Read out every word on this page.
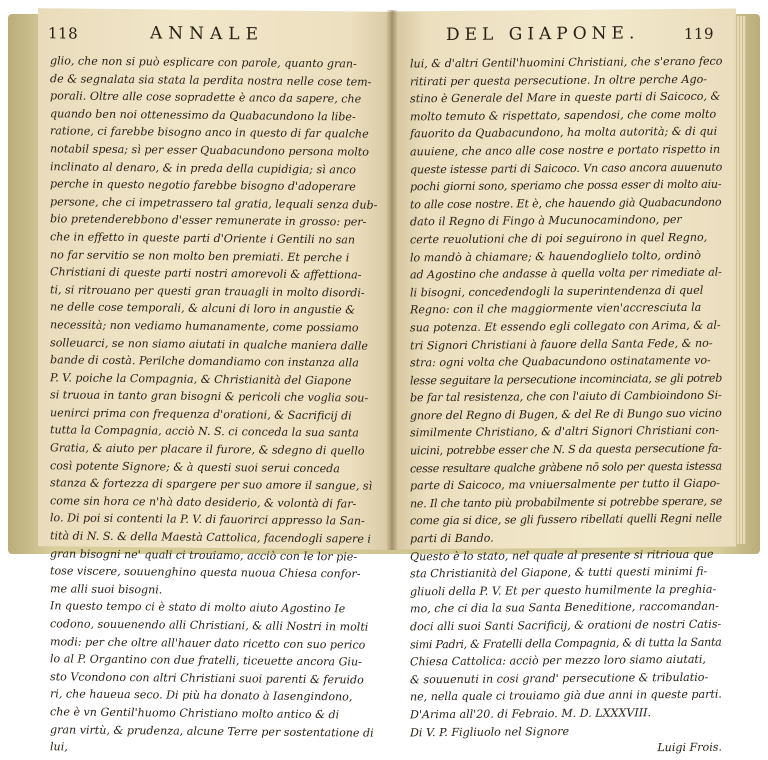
118	ANNALE
glio, che non si può esplicare con parole, quanto gran-
de & segnalata sia stata la perdita nostra nelle cose tem-
porali. Oltre alle cose sopradette è anco da sapere, che
quando ben noi ottenessimo da Quabacundono la libe-
ratione, ci farebbe bisogno anco in questo di far qualche
notabil spesa; sì per esser Quabacundono persona molto
inclinato al denaro, & in preda della cupidigia; sì anco
perche in questo negotio farebbe bisogno d'adoperare
persone, che ci impetrassero tal gratia, lequali senza dub-
bio pretenderebbono d'esser remunerate in grosso: per-
che in effetto in queste parti d'Oriente i Gentili no san
no far servitio se non molto ben premiati. Et perche i
Christiani di queste parti nostri amorevoli & affettiona-
ti, si ritrouano per questi gran trauagli in molto disordi-
ne delle cose temporali, & alcuni di loro in angustie &
necessità; non vediamo humanamente, come possiamo
solleuarci, se non siamo aiutati in qualche maniera dalle
bande di costà. Perilche domandiamo con instanza alla
P. V. poiche la Compagnia, & Christianità del Giapone
si truoua in tanto gran bisogni & pericoli che voglia sou-
uenirci prima con frequenza d'orationi, & Sacrificij di
tutta la Compagnia, acciò N. S. ci conceda la sua santa
Gratia, & aiuto per placare il furore, & sdegno di quello
così potente Signore; & à questi suoi serui conceda
stanza & fortezza di spargere per suo amore il sangue, sì
come sin hora ce n'hà dato desiderio, & volontà di far-
lo. Di poi si contenti la P. V. di fauorirci appresso la San-
tità di N. S. & della Maestà Cattolica, facendogli sapere i
gran bisogni ne' quali ci trouiamo, acciò con le lor pie-
tose viscere, souuenghino questa nuoua Chiesa confor-
me alli suoi bisogni.
In questo tempo ci è stato di molto aiuto Agostino Ie
codono, souuenendo alli Christiani, & alli Nostri in molti
modi: per che oltre all'hauer dato ricetto con suo perico
lo al P. Organtino con due fratelli, ticeuette ancora Giu-
sto Vcondono con altri Christiani suoi parenti & feruido
ri, che haueua seco. Di più ha donato à Iasengindono,
che è vn Gentil'huomo Christiano molto antico & di
gran virtù, & prudenza, alcune Terre per sostentatione di
lui,
DEL GIAPONE.	119
lui, & d'altri Gentil'huomini Christiani, che s'erano feco
ritirati per questa persecutione. In oltre perche Ago-
stino è Generale del Mare in queste parti di Saicoco, &
molto temuto & rispettato, sapendosi, che come molto
fauorito da Quabacundono, ha molta autorità; & di qui
auuiene, che anco alle cose nostre e portato rispetto in
queste istesse parti di Saicoco. Vn caso ancora auuenuto
pochi giorni sono, speriamo che possa esser di molto aiu-
to alle cose nostre. Et è, che hauendo già Quabacundono
dato il Regno di Fingo à Mucunocamindono, per
certe reuolutioni che di poi seguirono in quel Regno,
lo mandò à chiamare; & hauendoglielo tolto, ordinò
ad Agostino che andasse à quella volta per rimediate al-
li bisogni, concedendogli la superintendenza di quel
Regno: con il che maggiormente vien'accresciuta la
sua potenza. Et essendo egli collegato con Arima, & al-
tri Signori Christiani à fauore della Santa Fede, & no-
stra: ogni volta che Quabacundono ostinatamente vo-
lesse seguitare la persecutione incominciata, se gli potreb
be far tal resistenza, che con l'aiuto di Cambioindono Si-
gnore del Regno di Bugen, & del Re di Bungo suo vicino
similmente Christiano, & d'altri Signori Christiani con-
uicini, potrebbe esser che N. S da questa persecutione fa-
cesse resultare qualche gràbene nō solo per questa istessa
parte di Saicoco, ma vniuersalmente per tutto il Giapo-
ne. Il che tanto più probabilmente si potrebbe sperare, se
come gia si dice, se gli fussero ribellati quelli Regni nelle
parti di Bando.
Questo è lo stato, nel quale al presente si ritrioua que
sta Christianità del Giapone, & tutti questi minimi fi-
gliuoli della P. V. Et per questo humilmente la preghia-
mo, che ci dia la sua Santa Beneditione, raccomandan-
doci alli suoi Santi Sacrificij, & orationi de nostri Catis-
simi Padri, & Fratelli della Compagnia, & di tutta la Santa
Chiesa Cattolica: acciò per mezzo loro siamo aiutati,
& souuenuti in cosi grand' persecutione & tribulatio-
ne, nella quale ci trouiamo già due anni in queste parti.
D'Arima all'20. di Febraio. M. D. LXXXVIII.
Di V. P. Figliuolo nel Signore

Luigi Frois.
